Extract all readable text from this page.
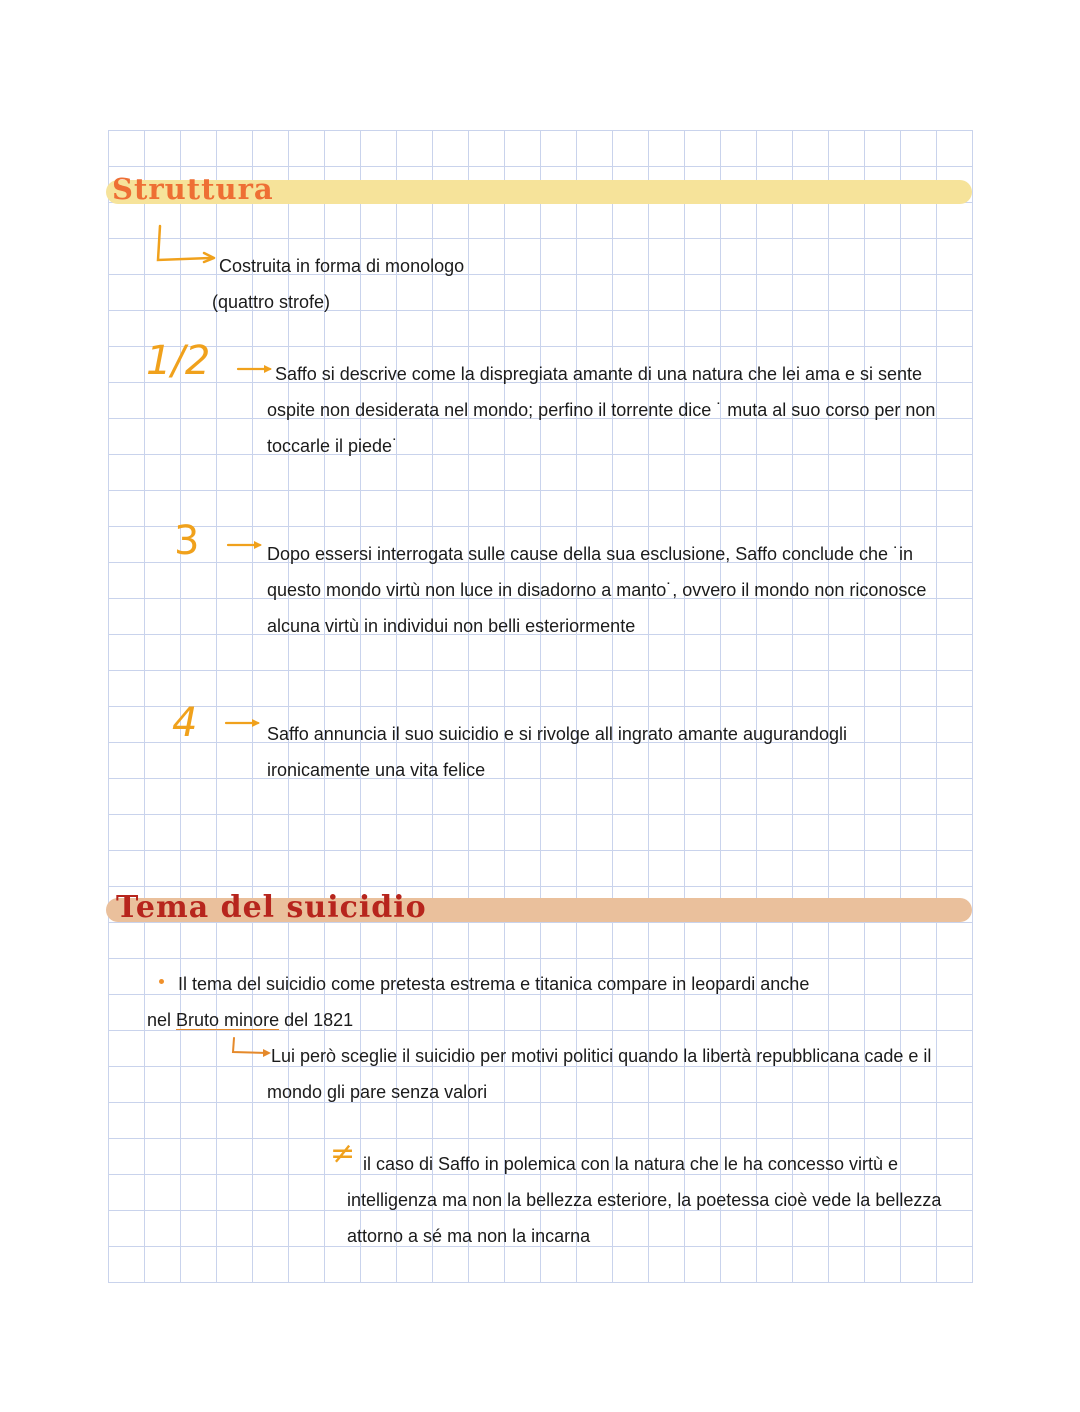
Struttura

Costruita in forma di monologo

(quattro strofe)

1/2	Saffo si descrive come la dispregiata amante di una natura che lei ama e si sente

ospite non desiderata nel mondo; perfino il torrente dice ˙ muta al suo corso per non

toccarle il piede˙

3	Dopo essersi interrogata sulle cause della sua esclusione, Saffo conclude che ˙in

questo mondo virtù non luce in disadorno a manto˙, ovvero il mondo non riconosce

alcuna virtù in individui non belli esteriormente

4	Saffo annuncia il suo suicidio e si rivolge all ingrato amante augurandogli

ironicamente una vita felice

Tema del suicidio

Il tema del suicidio come pretesta estrema e titanica compare in leopardi anche

nel Bruto minore del 1821

Lui però sceglie il suicidio per motivi politici quando la libertà repubblicana cade e il

mondo gli pare senza valori

≠ il caso di Saffo in polemica con la natura che le ha concesso virtù e

intelligenza ma non la bellezza esteriore, la poetessa cioè vede la bellezza

attorno a sé ma non la incarna
